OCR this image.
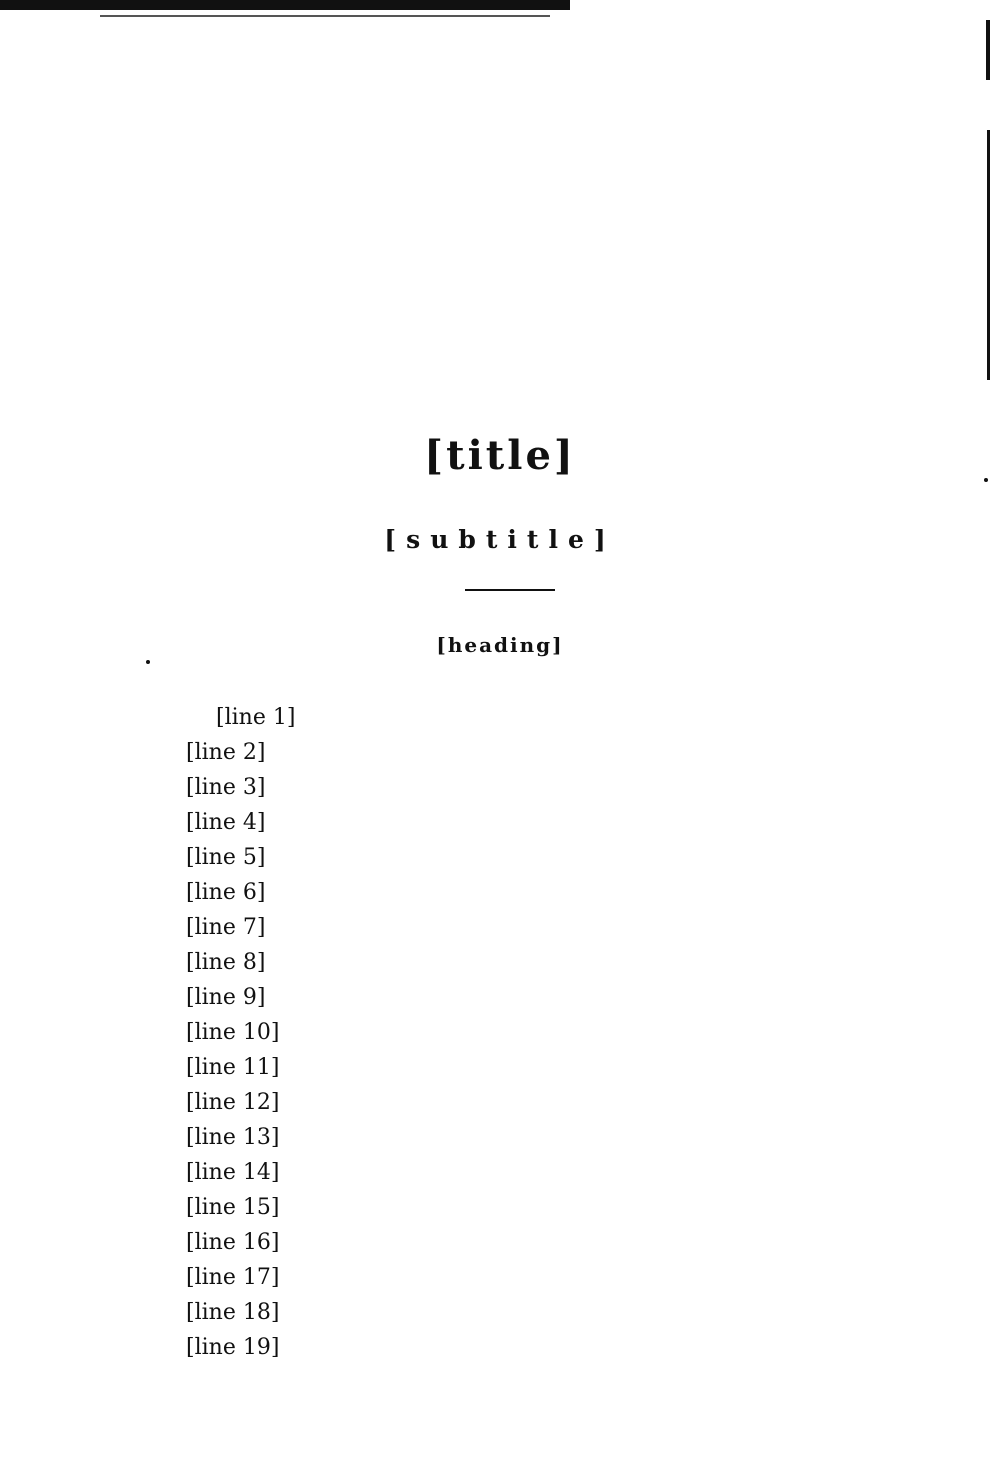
[title]
[subtitle]
[heading]
[line 1]
[line 2]
[line 3]
[line 4]
[line 5]
[line 6]
[line 7]
[line 8]
[line 9]
[line 10]
[line 11]
[line 12]
[line 13]
[line 14]
[line 15]
[line 16]
[line 17]
[line 18]
[line 19]
